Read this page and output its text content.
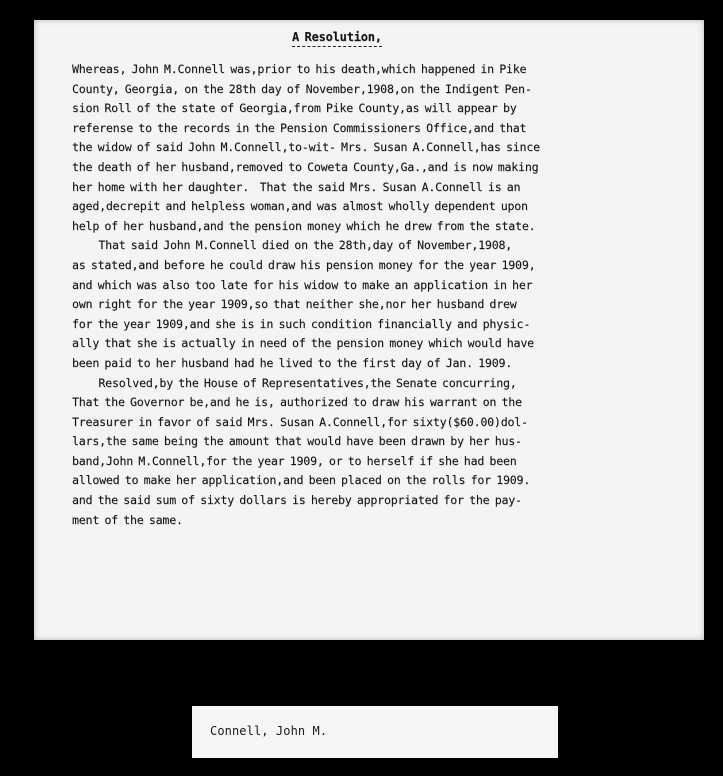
A Resolution,
Whereas, John M.Connell was,prior to his death,which happened in Pike
County, Georgia, on the 28th day of November,1908,on the Indigent Pen-
sion Roll of the state of Georgia,from Pike County,as will appear by
referense to the records in the Pension Commissioners Office,and that
the widow of said John M.Connell,to-wit- Mrs. Susan A.Connell,has since
the death of her husband,removed to Coweta County,Ga.,and is now making
her home with her daughter.  That the said Mrs. Susan A.Connell is an
aged,decrepit and helpless woman,and was almost wholly dependent upon
help of her husband,and the pension money which he drew from the state.
That said John M.Connell died on the 28th,day of November,1908,
as stated,and before he could draw his pension money for the year 1909,
and which was also too late for his widow to make an application in her
own right for the year 1909,so that neither she,nor her husband drew
for the year 1909,and she is in such condition financially and physic-
ally that she is actually in need of the pension money which would have
been paid to her husband had he lived to the first day of Jan. 1909.
Resolved,by the House of Representatives,the Senate concurring,
That the Governor be,and he is, authorized to draw his warrant on the
Treasurer in favor of said Mrs. Susan A.Connell,for sixty($60.00)dol-
lars,the same being the amount that would have been drawn by her hus-
band,John M.Connell,for the year 1909, or to herself if she had been
allowed to make her application,and been placed on the rolls for 1909.
and the said sum of sixty dollars is hereby appropriated for the pay-
ment of the same.
Connell, John M.
